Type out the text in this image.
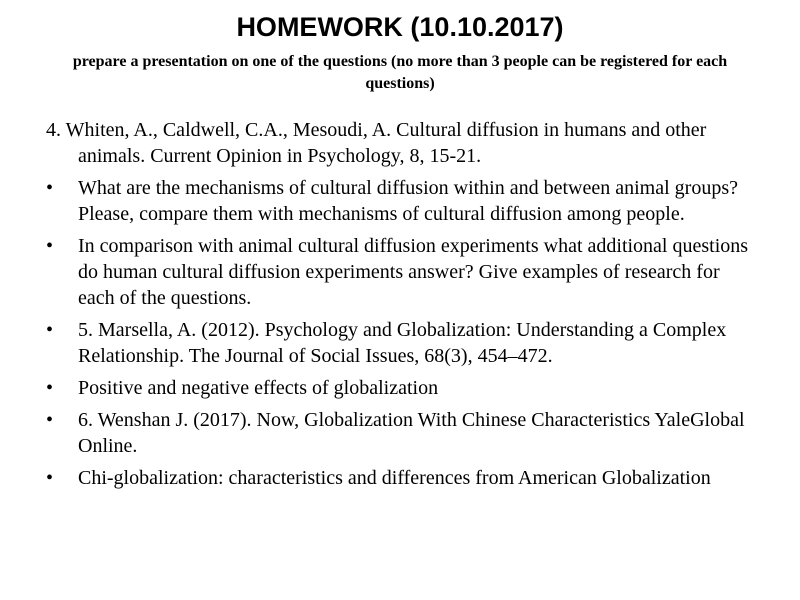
HOMEWORK (10.10.2017)
prepare a presentation on one of the questions (no more than 3 people can be registered for each questions)
4. Whiten, A., Caldwell, C.A., Mesoudi, A. Cultural diffusion in humans and other animals. Current Opinion in Psychology, 8, 15-21.
•	What are the mechanisms of cultural diffusion within and between animal groups? Please, compare them with mechanisms of cultural diffusion among people.
•	In comparison with animal cultural diffusion experiments what additional questions do human cultural diffusion experiments answer? Give examples of research for each of the questions.
•	5. Marsella, A. (2012). Psychology and Globalization: Understanding a Complex Relationship. The Journal of Social Issues, 68(3), 454–472.
•	Positive and negative effects of globalization
•	6. Wenshan J. (2017). Now, Globalization With Chinese Characteristics YaleGlobal Online.
•	Chi-globalization: characteristics and differences from American Globalization
